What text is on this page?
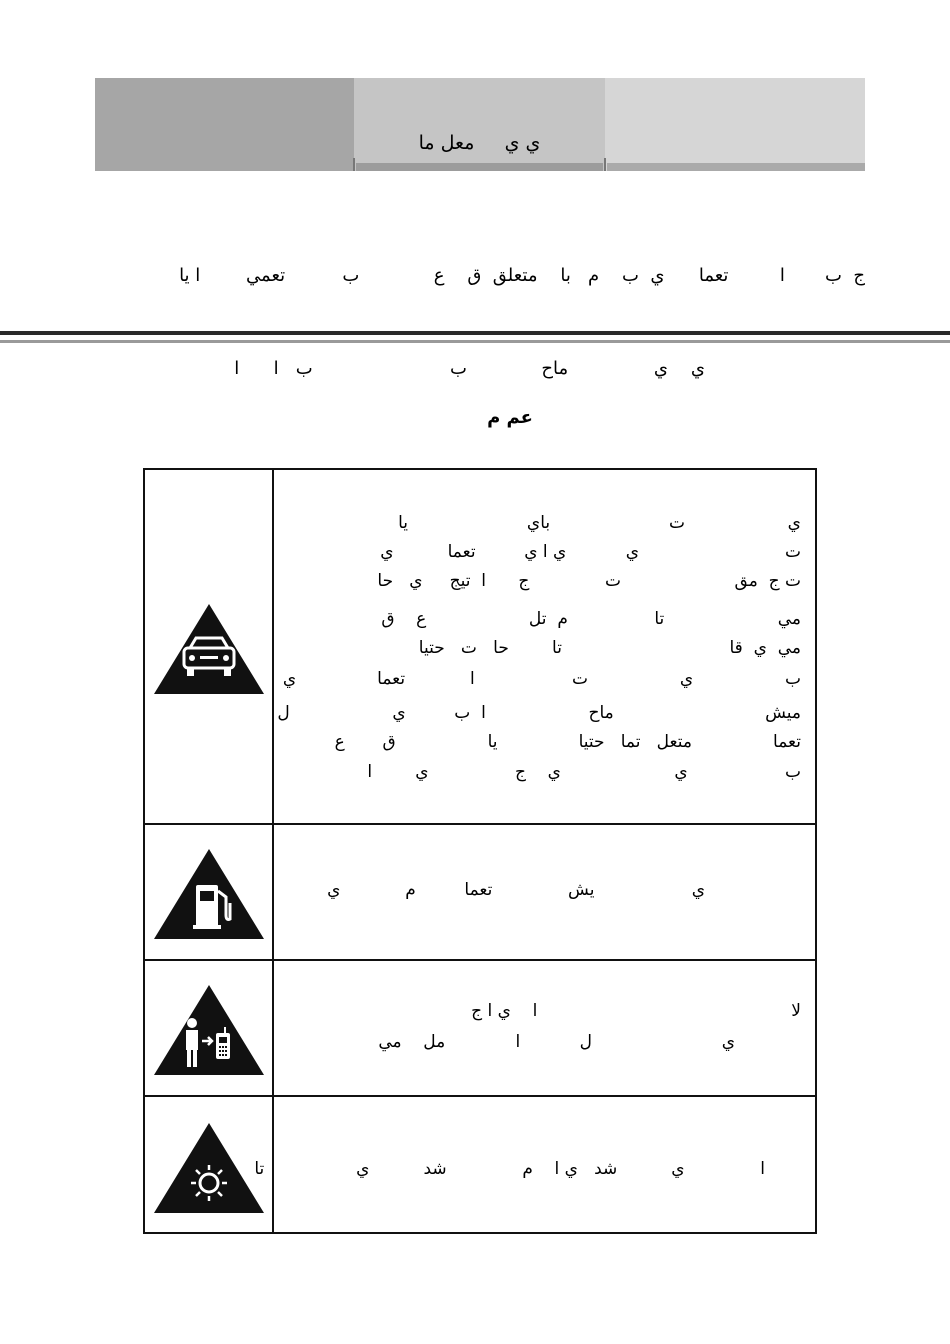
ي ي     معل ما

ج  ب       ا         تعما      ي  ب    م   با    متعلق  ق    ع             ب          تعمي        ا يا

ي    ي               ماح             ب                        ب   ا      ا

عم م

ي                   ت                      باي                      يا

ت                           ي           ي ا ي         تعما          ي

ت ج  مق                     ت              ج      ا  تيج     ي   حا

مي                     تا                م  تل                   ع    ق

مي  ي  قا                               تا        حا   ت   حتيا

ب                 ي                 ت                  ا            تعما               ي

ميش                            ماح                   ا  ب         ي                   ل

تعما               متعل   تما   حتيا               يا                 ق       ع

ب                  ي                     ي    ج                ي        ا

ي                  يش              تعما         م            ي

ﻻ                                               ا    ي ا ج

ي                        ل           ا             مل    مي

ا              ي          شد   ي ا    م              شد          ي                 تا
